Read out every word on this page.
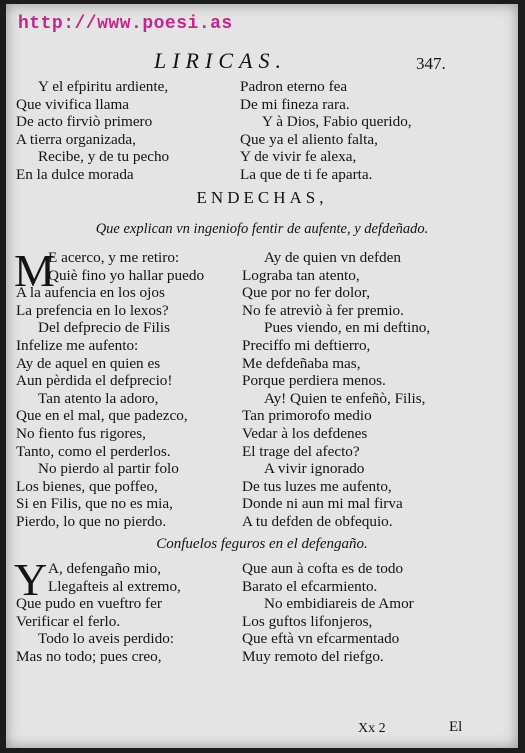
http://www.poesi.as
LIRICAS.	347.
Y el efpiritu ardiente,
Que vivifica llama
De acto firviò primero
A tierra organizada,
Recibe, y de tu pecho
En la dulce morada
Padron eterno fea
De mi fineza rara.
Y à Dios, Fabio querido,
Que ya el aliento falta,
Y de vivir fe alexa,
La que de ti fe aparta.
ENDECHAS,
Que explican vn ingeniofo fentir de aufente, y defdeñado.
M
E acerco, y me retiro:
Quiè fino yo hallar puedo
A la aufencia en los ojos
La prefencia en lo lexos?
Del defprecio de Filis
Infelize me aufento:
Ay de aquel en quien es
Aun pèrdida el defprecio!
Tan atento la adoro,
Que en el mal, que padezco,
No fiento fus rigores,
Tanto, como el perderlos.
No pierdo al partir folo
Los bienes, que poffeo,
Si en Filis, que no es mia,
Pierdo, lo que no pierdo.
Ay de quien vn defden
Lograba tan atento,
Que por no fer dolor,
No fe atreviò à fer premio.
Pues viendo, en mi deftino,
Preciffo mi deftierro,
Me defdeñaba mas,
Porque perdiera menos.
Ay! Quien te enfeñò, Filis,
Tan primorofo medio
Vedar à los defdenes
El trage del afecto?
A vivir ignorado
De tus luzes me aufento,
Donde ni aun mi mal firva
A tu defden de obfequio.
Confuelos feguros en el defengaño.
Y A, defengaño mio,
Llegafteis al extremo,
Que pudo en vueftro fer
Verificar el ferlo.
Todo lo aveis perdido:
Mas no todo; pues creo,
Que aun à cofta es de todo
Barato el efcarmiento.
No embidiareis de Amor
Los guftos lifonjeros,
Que eftà vn efcarmentado
Muy remoto del riefgo.
Xx 2	El
